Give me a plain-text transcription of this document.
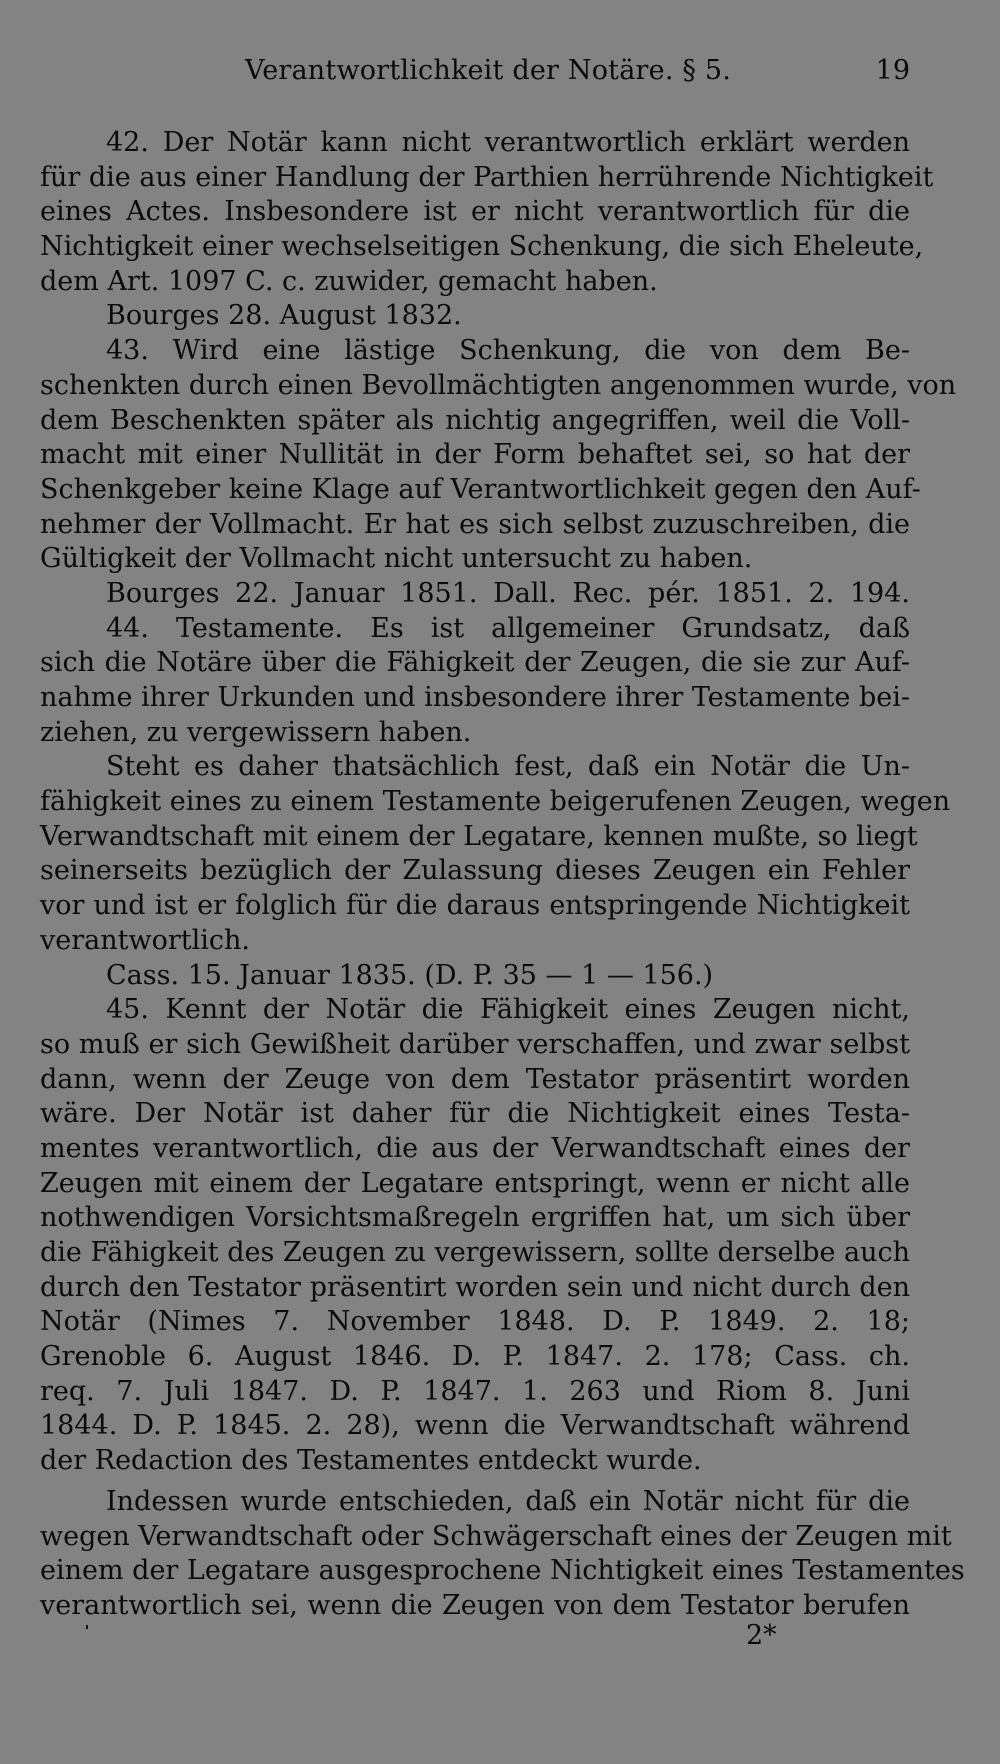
Verantwortlichkeit der Notäre. § 5.	19
42. Der Notär kann nicht verantwortlich erklärt werden
für die aus einer Handlung der Parthien herrührende Nichtigkeit
eines Actes. Insbesondere ist er nicht verantwortlich für die
Nichtigkeit einer wechselseitigen Schenkung, die sich Eheleute,
dem Art. 1097 C. c. zuwider, gemacht haben.
Bourges 28. August 1832.
43. Wird eine lästige Schenkung, die von dem Be-
schenkten durch einen Bevollmächtigten angenommen wurde, von
dem Beschenkten später als nichtig angegriffen, weil die Voll-
macht mit einer Nullität in der Form behaftet sei, so hat der
Schenkgeber keine Klage auf Verantwortlichkeit gegen den Auf-
nehmer der Vollmacht. Er hat es sich selbst zuzuschreiben, die
Gültigkeit der Vollmacht nicht untersucht zu haben.
Bourges 22. Januar 1851. Dall. Rec. pér. 1851. 2. 194.
44. Testamente. Es ist allgemeiner Grundsatz, daß
sich die Notäre über die Fähigkeit der Zeugen, die sie zur Auf-
nahme ihrer Urkunden und insbesondere ihrer Testamente bei-
ziehen, zu vergewissern haben.
Steht es daher thatsächlich fest, daß ein Notär die Un-
fähigkeit eines zu einem Testamente beigerufenen Zeugen, wegen
Verwandtschaft mit einem der Legatare, kennen mußte, so liegt
seinerseits bezüglich der Zulassung dieses Zeugen ein Fehler
vor und ist er folglich für die daraus entspringende Nichtigkeit
verantwortlich.
Cass. 15. Januar 1835. (D. P. 35 — 1 — 156.)
45. Kennt der Notär die Fähigkeit eines Zeugen nicht,
so muß er sich Gewißheit darüber verschaffen, und zwar selbst
dann, wenn der Zeuge von dem Testator präsentirt worden
wäre. Der Notär ist daher für die Nichtigkeit eines Testa-
mentes verantwortlich, die aus der Verwandtschaft eines der
Zeugen mit einem der Legatare entspringt, wenn er nicht alle
nothwendigen Vorsichtsmaßregeln ergriffen hat, um sich über
die Fähigkeit des Zeugen zu vergewissern, sollte derselbe auch
durch den Testator präsentirt worden sein und nicht durch den
Notär (Nimes 7. November 1848. D. P. 1849. 2. 18;
Grenoble 6. August 1846. D. P. 1847. 2. 178; Cass. ch.
req. 7. Juli 1847. D. P. 1847. 1. 263 und Riom 8. Juni
1844. D. P. 1845. 2. 28), wenn die Verwandtschaft während
der Redaction des Testamentes entdeckt wurde.
Indessen wurde entschieden, daß ein Notär nicht für die
wegen Verwandtschaft oder Schwägerschaft eines der Zeugen mit
einem der Legatare ausgesprochene Nichtigkeit eines Testamentes
verantwortlich sei, wenn die Zeugen von dem Testator berufen
2*
